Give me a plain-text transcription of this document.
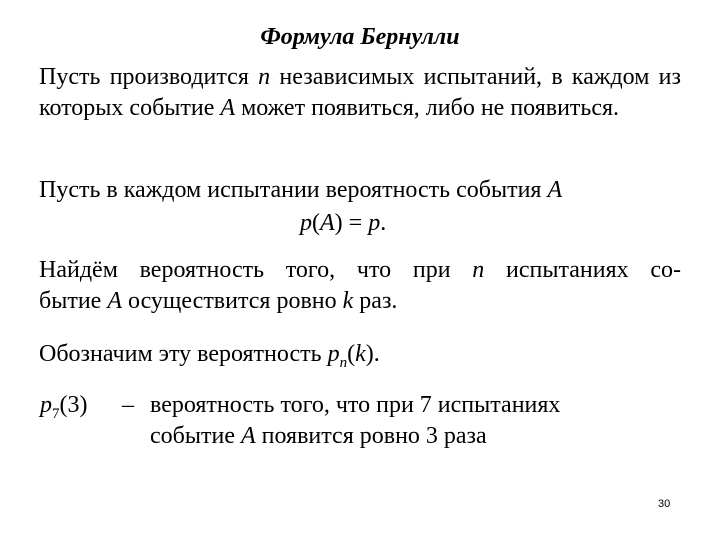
Формула Бернулли
Пусть производится n независимых испытаний, в каждом из которых событие A может появиться, либо не появиться.
Пусть в каждом испытании вероятность события A
p(A) = p.
Найдём вероятность того, что при n испытаниях со-
бытие A осуществится ровно k раз.
Обозначим эту вероятность $p_n(k)$.
$p_7(3)$ – вероятность того, что при 7 испытаниях
событие A появится ровно 3 раза
30
